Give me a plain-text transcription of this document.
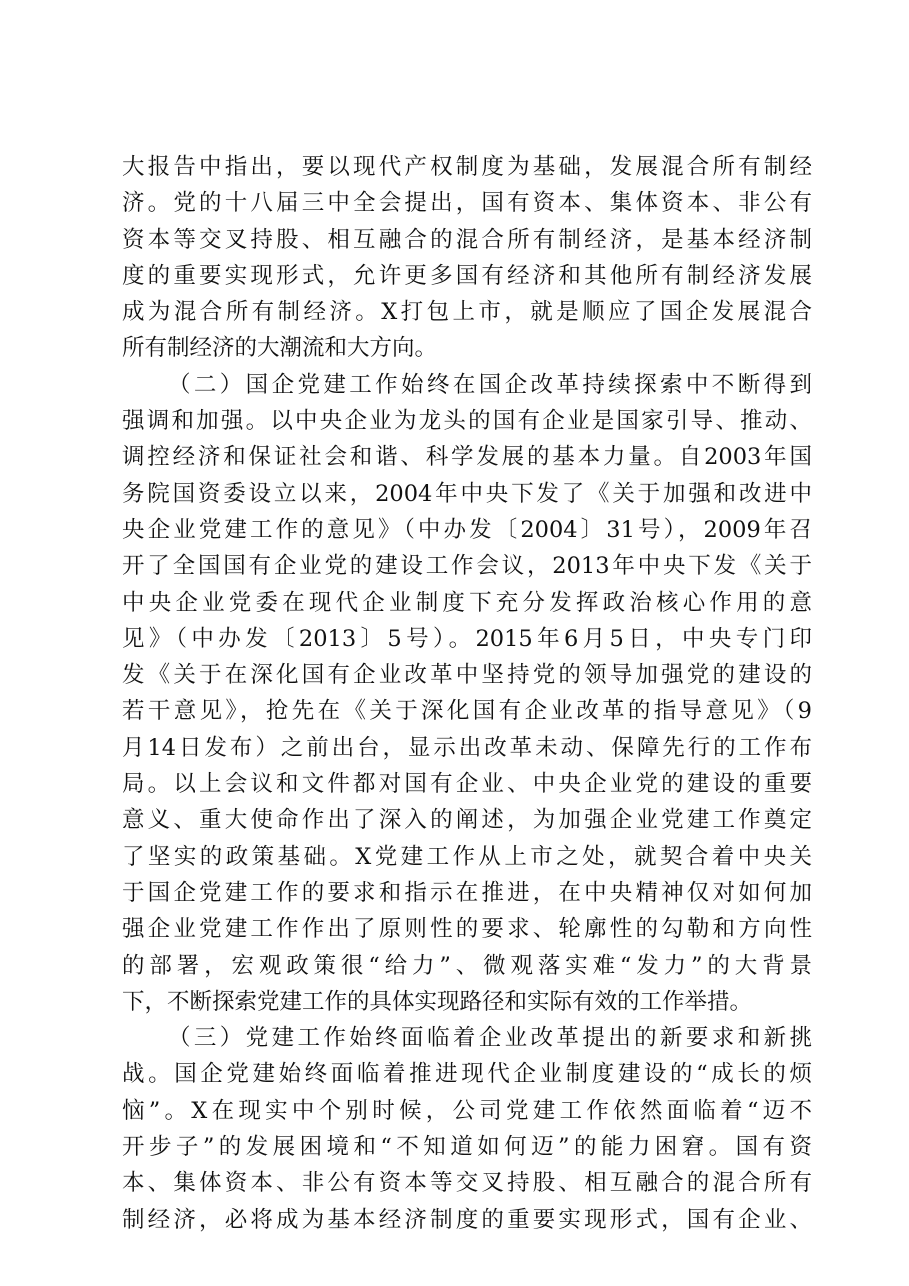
大报告中指出，要以现代产权制度为基础，发展混合所有制经
济。党的十八届三中全会提出，国有资本、集体资本、非公有
资本等交叉持股、相互融合的混合所有制经济，是基本经济制
度的重要实现形式，允许更多国有经济和其他所有制经济发展
成为混合所有制经济。X打包上市，就是顺应了国企发展混合
所有制经济的大潮流和大方向。
（二）国企党建工作始终在国企改革持续探索中不断得到
强调和加强。以中央企业为龙头的国有企业是国家引导、推动、
调控经济和保证社会和谐、科学发展的基本力量。自2003年国
务院国资委设立以来，2004年中央下发了《关于加强和改进中
央企业党建工作的意见》（中办发〔2004〕31号），2009年召
开了全国国有企业党的建设工作会议，2013年中央下发《关于
中央企业党委在现代企业制度下充分发挥政治核心作用的意
见》（中办发〔2013〕5号）。2015年6月5日，中央专门印
发《关于在深化国有企业改革中坚持党的领导加强党的建设的
若干意见》，抢先在《关于深化国有企业改革的指导意见》（9
月14日发布）之前出台，显示出改革未动、保障先行的工作布
局。以上会议和文件都对国有企业、中央企业党的建设的重要
意义、重大使命作出了深入的阐述，为加强企业党建工作奠定
了坚实的政策基础。X党建工作从上市之处，就契合着中央关
于国企党建工作的要求和指示在推进，在中央精神仅对如何加
强企业党建工作作出了原则性的要求、轮廓性的勾勒和方向性
的部署，宏观政策很“给力”、微观落实难“发力”的大背景
下，不断探索党建工作的具体实现路径和实际有效的工作举措。
（三）党建工作始终面临着企业改革提出的新要求和新挑
战。国企党建始终面临着推进现代企业制度建设的“成长的烦
恼”。X在现实中个别时候，公司党建工作依然面临着“迈不
开步子”的发展困境和“不知道如何迈”的能力困窘。国有资
本、集体资本、非公有资本等交叉持股、相互融合的混合所有
制经济，必将成为基本经济制度的重要实现形式，国有企业、
